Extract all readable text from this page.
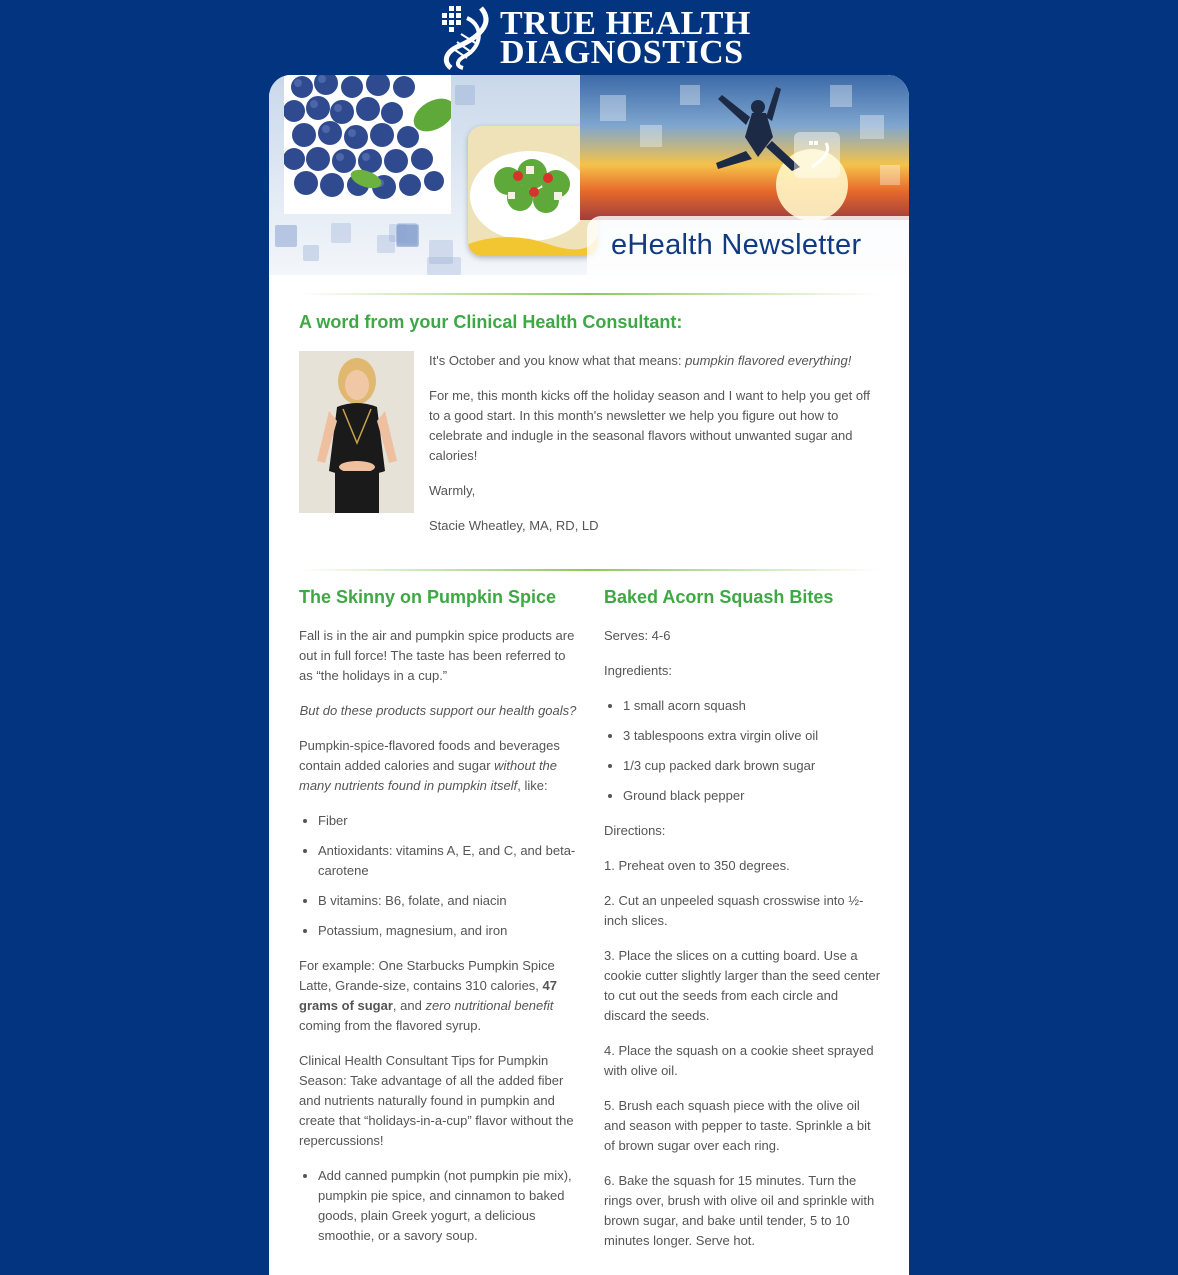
TRUE HEALTH
DIAGNOSTICS
eHealth Newsletter
A word from your Clinical Health Consultant:

It's October and you know what that means: pumpkin flavored everything!

For me, this month kicks off the holiday season and I want to help you get off to a good start. In this month's newsletter we help you figure out how to celebrate and indugle in the seasonal flavors without unwanted sugar and calories!

Warmly,

Stacie Wheatley, MA, RD, LD

The Skinny on Pumpkin Spice	Baked Acorn Squash Bites

Fall is in the air and pumpkin spice products are out in full force! The taste has been referred to as “the holidays in a cup.”

But do these products support our health goals?

Pumpkin-spice-flavored foods and beverages contain added calories and sugar without the many nutrients found in pumpkin itself, like:

• Fiber
• Antioxidants: vitamins A, E, and C, and beta-carotene
• B vitamins: B6, folate, and niacin
• Potassium, magnesium, and iron

For example: One Starbucks Pumpkin Spice Latte, Grande-size, contains 310 calories, 47 grams of sugar, and zero nutritional benefit coming from the flavored syrup.

Clinical Health Consultant Tips for Pumpkin Season: Take advantage of all the added fiber and nutrients naturally found in pumpkin and create that “holidays-in-a-cup” flavor without the repercussions!

• Add canned pumpkin (not pumpkin pie mix), pumpkin pie spice, and cinnamon to baked goods, plain Greek yogurt, a delicious smoothie, or a savory soup.

Serves: 4-6

Ingredients:

• 1 small acorn squash
• 3 tablespoons extra virgin olive oil
• 1/3 cup packed dark brown sugar
• Ground black pepper

Directions:

1. Preheat oven to 350 degrees.

2. Cut an unpeeled squash crosswise into ½-inch slices.

3. Place the slices on a cutting board. Use a cookie cutter slightly larger than the seed center to cut out the seeds from each circle and discard the seeds.

4. Place the squash on a cookie sheet sprayed with olive oil.

5. Brush each squash piece with the olive oil and season with pepper to taste. Sprinkle a bit of brown sugar over each ring.

6. Bake the squash for 15 minutes. Turn the rings over, brush with olive oil and sprinkle with brown sugar, and bake until tender, 5 to 10 minutes longer. Serve hot.
